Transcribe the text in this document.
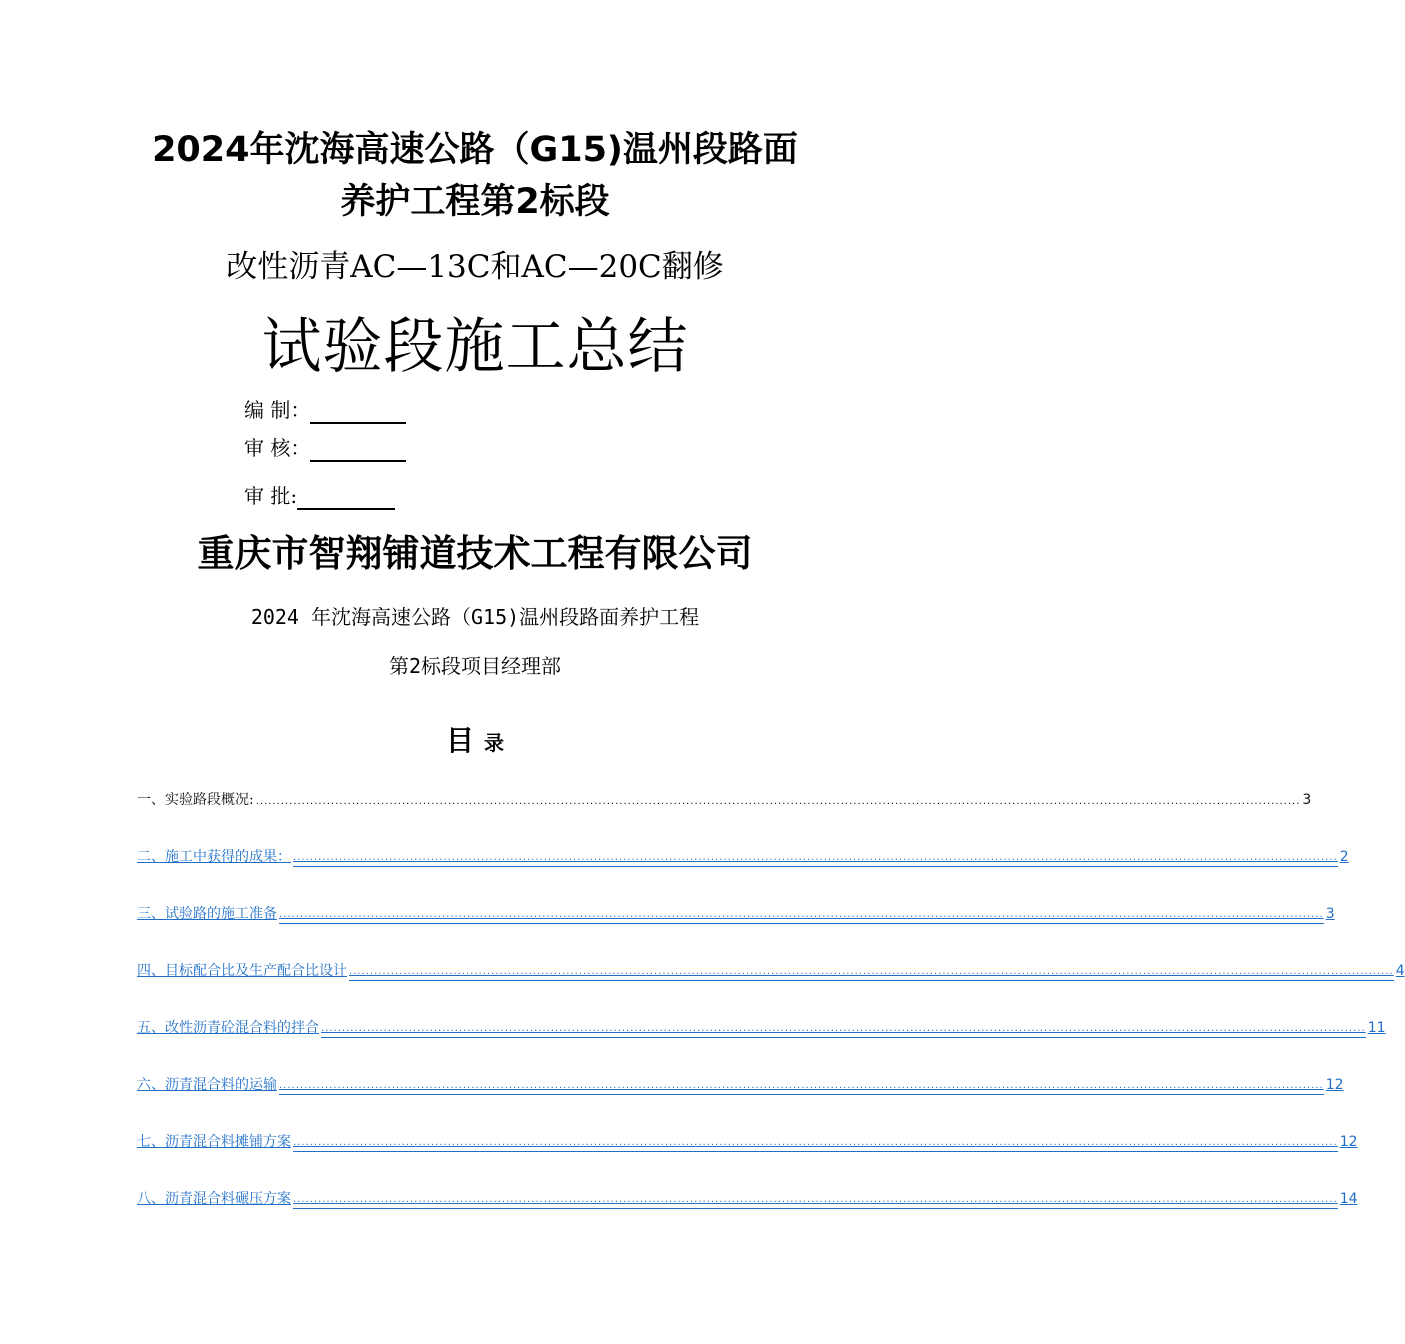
2024年沈海高速公路（G15)温州段路面
养护工程第2标段
改性沥青AC—13C和AC—20C翻修
试验段施工总结
编 制：
审 核：
审 批:
重庆市智翔铺道技术工程有限公司
2024 年沈海高速公路（G15)温州段路面养护工程
第2标段项目经理部
目 录
一、实验路段概况: .......................................................................................................................................................................................................................................................... 3
二、施工中获得的成果： .......................................................................................................................................................................................................................................................... 2
三、试验路的施工准备 .......................................................................................................................................................................................................................................................... 3
四、目标配合比及生产配合比设计 .......................................................................................................................................................................................................................................................... 4
五、改性沥青砼混合料的拌合 .......................................................................................................................................................................................................................................................... 11
六、沥青混合料的运输 .......................................................................................................................................................................................................................................................... 12
七、沥青混合料摊铺方案 .......................................................................................................................................................................................................................................................... 12
八、沥青混合料碾压方案 .......................................................................................................................................................................................................................................................... 14
